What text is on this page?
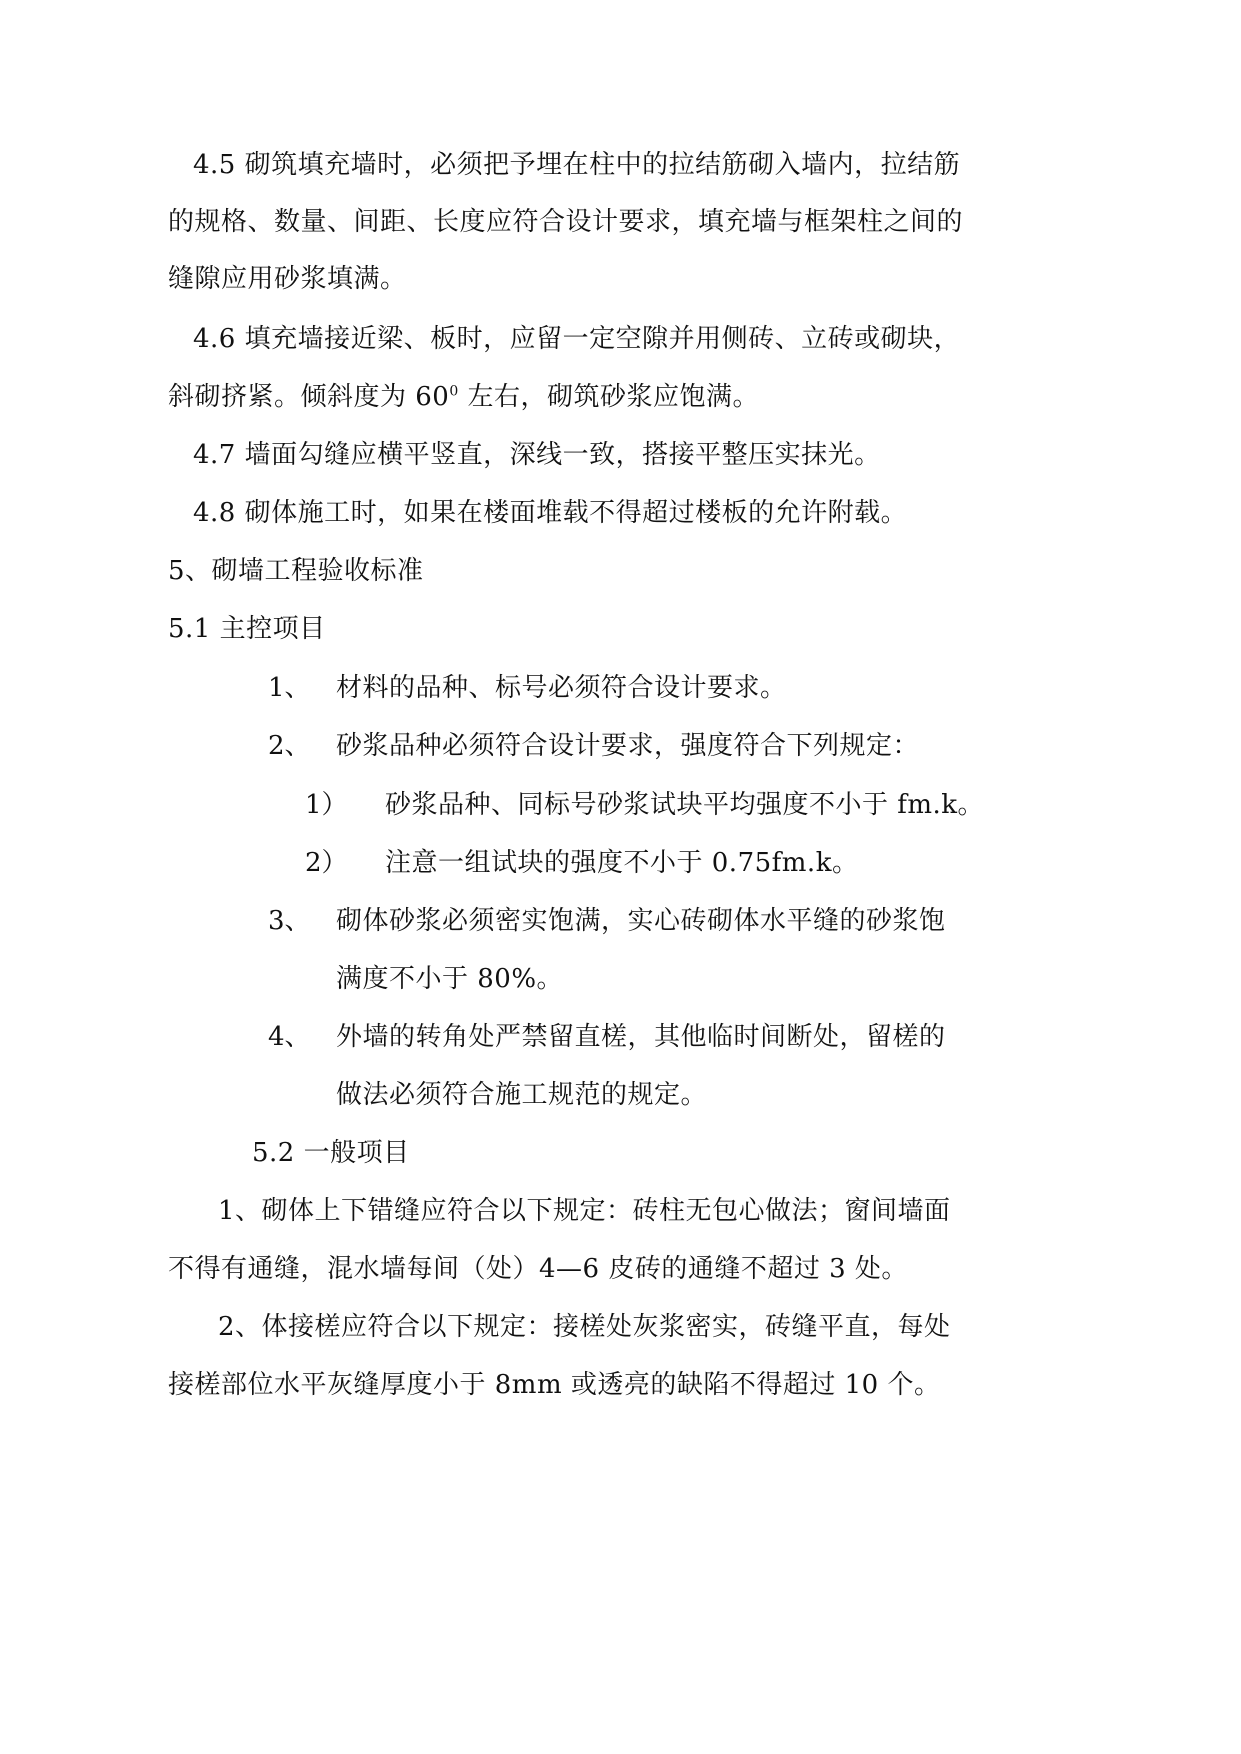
4.5 砌筑填充墙时，必须把予埋在柱中的拉结筋砌入墙内，拉结筋
的规格、数量、间距、长度应符合设计要求，填充墙与框架柱之间的
缝隙应用砂浆填满。
4.6 填充墙接近梁、板时，应留一定空隙并用侧砖、立砖或砌块，
斜砌挤紧。倾斜度为 $60^0$ 左右，砌筑砂浆应饱满。
4.7 墙面勾缝应横平竖直，深线一致，搭接平整压实抹光。
4.8 砌体施工时，如果在楼面堆载不得超过楼板的允许附载。
5、砌墙工程验收标准
5.1 主控项目
1、 材料的品种、标号必须符合设计要求。
2、 砂浆品种必须符合设计要求，强度符合下列规定：
1） 砂浆品种、同标号砂浆试块平均强度不小于 fm.k。
2） 注意一组试块的强度不小于 0.75fm.k。
3、 砌体砂浆必须密实饱满，实心砖砌体水平缝的砂浆饱
满度不小于 80%。
4、 外墙的转角处严禁留直槎，其他临时间断处，留槎的
做法必须符合施工规范的规定。
5.2 一般项目
1、砌体上下错缝应符合以下规定：砖柱无包心做法；窗间墙面
不得有通缝，混水墙每间（处）4—6 皮砖的通缝不超过 3 处。
2、体接槎应符合以下规定：接槎处灰浆密实，砖缝平直，每处
接槎部位水平灰缝厚度小于 8mm 或透亮的缺陷不得超过 10 个。
